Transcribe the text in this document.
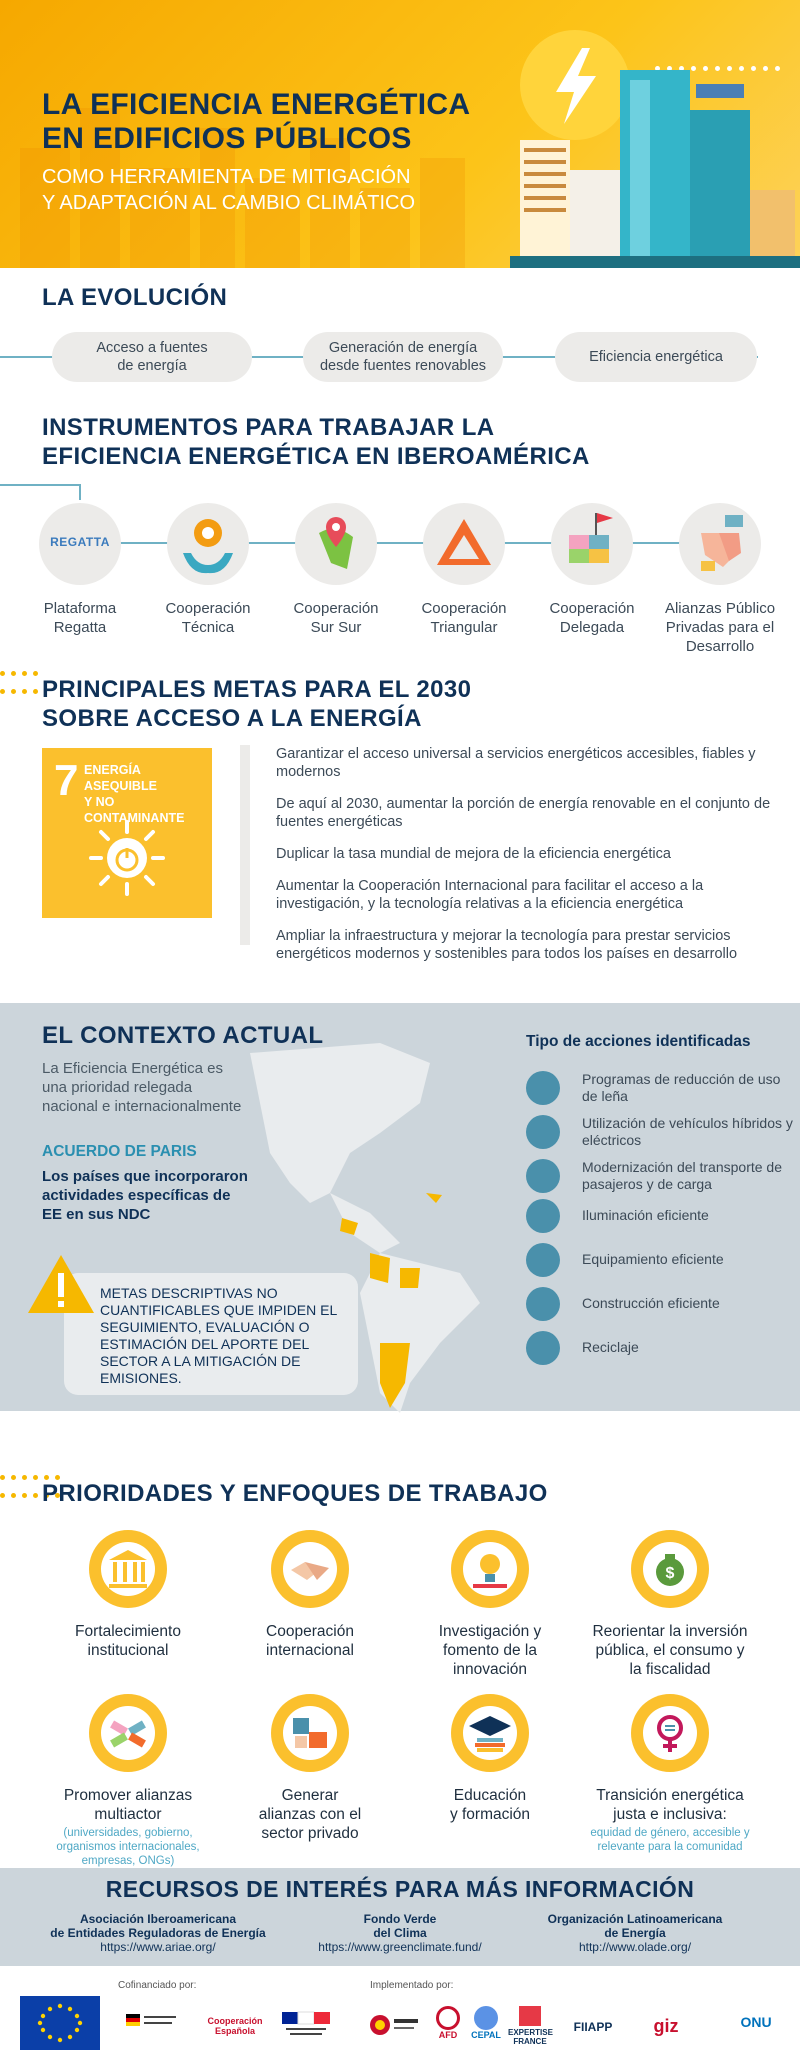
LA EFICIENCIA ENERGÉTICA
EN EDIFICIOS PÚBLICOS
COMO HERRAMIENTA DE MITIGACIÓN
Y ADAPTACIÓN AL CAMBIO CLIMÁTICO
LA EVOLUCIÓN
Acceso a fuentes
de energía
Generación de energía
desde fuentes renovables
Eficiencia energética
INSTRUMENTOS PARA TRABAJAR LA
EFICIENCIA ENERGÉTICA EN IBEROAMÉRICA
REGATTA
Plataforma
Regatta
Cooperación
Técnica
Cooperación
Sur Sur
Cooperación
Triangular
Cooperación
Delegada
Alianzas Público
Privadas para el
Desarrollo

PRINCIPALES METAS PARA EL 2030
SOBRE ACCESO A LA ENERGÍA
7 ENERGÍA ASEQUIBLE
Y NO CONTAMINANTE
Garantizar el acceso universal a servicios energéticos accesibles, fiables y modernos
De aquí al 2030, aumentar la porción de energía renovable en el conjunto de fuentes energéticas
Duplicar la tasa mundial de mejora de la eficiencia energética
Aumentar la Cooperación Internacional para facilitar el acceso a la investigación, y la tecnología relativas a la eficiencia energética
Ampliar la infraestructura y mejorar la tecnología para prestar servicios energéticos modernos y sostenibles para todos los países en desarrollo
EL CONTEXTO ACTUAL
La Eficiencia Energética es una prioridad relegada nacional e internacionalmente
ACUERDO DE PARIS
Los países que incorporaron actividades específicas de EE en sus NDC
METAS DESCRIPTIVAS NO CUANTIFICABLES QUE IMPIDEN EL SEGUIMIENTO, EVALUACIÓN O ESTIMACIÓN DEL APORTE DEL SECTOR A LA MITIGACIÓN DE EMISIONES.
Tipo de acciones identificadas
Programas de reducción de uso de leña
Utilización de vehículos híbridos y eléctricos
Modernización del transporte de pasajeros y de carga
Iluminación eficiente
Equipamiento eficiente
Construcción eficiente
Reciclaje

PRIORIDADES Y ENFOQUES DE TRABAJO
Fortalecimiento
institucional
Cooperación
internacional
Investigación y
fomento de la
innovación
$
Reorientar la inversión
pública, el consumo y
la fiscalidad
Promover alianzas
multiactor
(universidades, gobierno, organismos internacionales, empresas, ONGs)
Generar
alianzas con el
sector privado
Educación
y formación
Transición energética
justa e inclusiva:
equidad de género, accesible y relevante para la comunidad
RECURSOS DE INTERÉS PARA MÁS INFORMACIÓN
Asociación Iberoamericana
de Entidades Reguladoras de Energía
https://www.ariae.org/
Fondo Verde
del Clima
https://www.greenclimate.fund/
Organización Latinoamericana
de Energía
http://www.olade.org/
Cofinanciado por:	Implementado por:
Cooperación Española	AFD	CEPAL EXPERTISE FRANCE
FIIAPP	giz	ONU
